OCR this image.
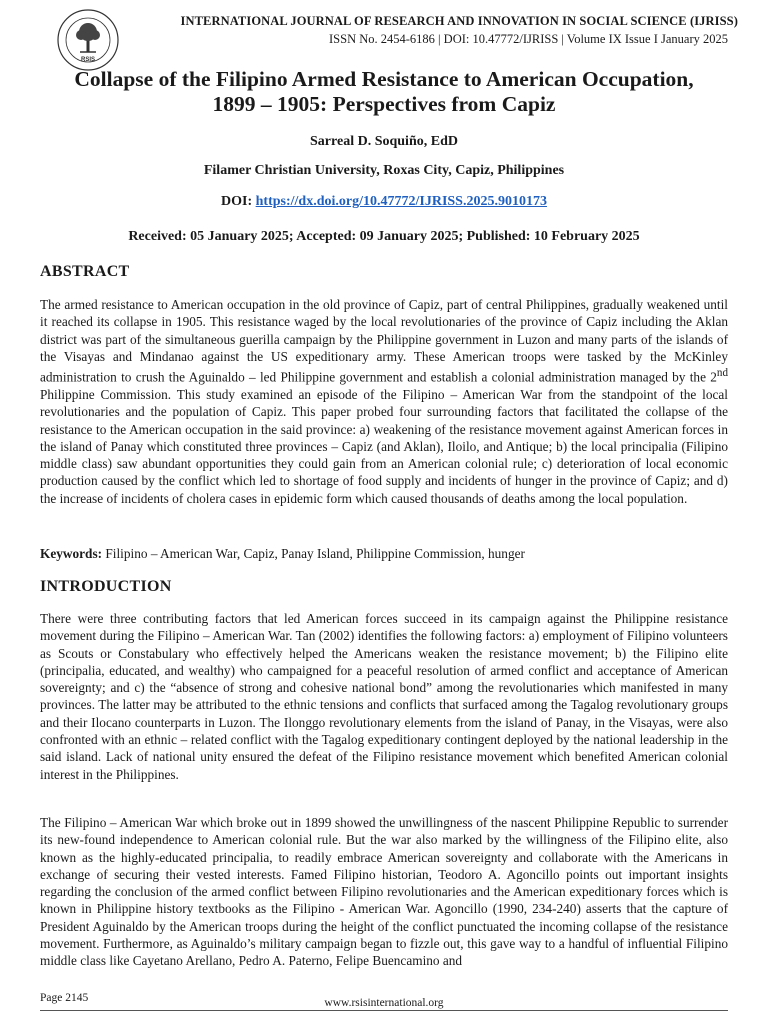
RSIS
INTERNATIONAL JOURNAL OF RESEARCH AND INNOVATION IN SOCIAL SCIENCE (IJRISS)
ISSN No. 2454-6186 | DOI: 10.47772/IJRISS | Volume IX Issue I January 2025
Collapse of the Filipino Armed Resistance to American Occupation,
1899 – 1905: Perspectives from Capiz
Sarreal D. Soquiño, EdD
Filamer Christian University, Roxas City, Capiz, Philippines
DOI: https://dx.doi.org/10.47772/IJRISS.2025.9010173
Received: 05 January 2025; Accepted: 09 January 2025; Published: 10 February 2025
ABSTRACT
The armed resistance to American occupation in the old province of Capiz, part of central Philippines, gradually weakened until it reached its collapse in 1905. This resistance waged by the local revolutionaries of the province of Capiz including the Aklan district was part of the simultaneous guerilla campaign by the Philippine government in Luzon and many parts of the islands of the Visayas and Mindanao against the US expeditionary army. These American troops were tasked by the McKinley administration to crush the Aguinaldo – led Philippine government and establish a colonial administration managed by the 2nd Philippine Commission. This study examined an episode of the Filipino – American War from the standpoint of the local revolutionaries and the population of Capiz. This paper probed four surrounding factors that facilitated the collapse of the resistance to the American occupation in the said province: a) weakening of the resistance movement against American forces in the island of Panay which constituted three provinces – Capiz (and Aklan), Iloilo, and Antique; b) the local principalia (Filipino middle class) saw abundant opportunities they could gain from an American colonial rule; c) deterioration of local economic production caused by the conflict which led to shortage of food supply and incidents of hunger in the province of Capiz; and d) the increase of incidents of cholera cases in epidemic form which caused thousands of deaths among the local population.
Keywords: Filipino – American War, Capiz, Panay Island, Philippine Commission, hunger
INTRODUCTION
There were three contributing factors that led American forces succeed in its campaign against the Philippine resistance movement during the Filipino – American War. Tan (2002) identifies the following factors: a) employment of Filipino volunteers as Scouts or Constabulary who effectively helped the Americans weaken the resistance movement; b) the Filipino elite (principalia, educated, and wealthy) who campaigned for a peaceful resolution of armed conflict and acceptance of American sovereignty; and c) the “absence of strong and cohesive national bond” among the revolutionaries which manifested in many provinces. The latter may be attributed to the ethnic tensions and conflicts that surfaced among the Tagalog revolutionary groups and their Ilocano counterparts in Luzon. The Ilonggo revolutionary elements from the island of Panay, in the Visayas, were also confronted with an ethnic – related conflict with the Tagalog expeditionary contingent deployed by the national leadership in the said island. Lack of national unity ensured the defeat of the Filipino resistance movement which benefited American colonial interest in the Philippines.
The Filipino – American War which broke out in 1899 showed the unwillingness of the nascent Philippine Republic to surrender its new-found independence to American colonial rule. But the war also marked by the willingness of the Filipino elite, also known as the highly-educated principalia, to readily embrace American sovereignty and collaborate with the Americans in exchange of securing their vested interests. Famed Filipino historian, Teodoro A. Agoncillo points out important insights regarding the conclusion of the armed conflict between Filipino revolutionaries and the American expeditionary forces which is known in Philippine history textbooks as the Filipino - American War. Agoncillo (1990, 234-240) asserts that the capture of President Aguinaldo by the American troops during the height of the conflict punctuated the incoming collapse of the resistance movement. Furthermore, as Aguinaldo’s military campaign began to fizzle out, this gave way to a handful of influential Filipino middle class like Cayetano Arellano, Pedro A. Paterno, Felipe Buencamino and
Page 2145	www.rsisinternational.org
